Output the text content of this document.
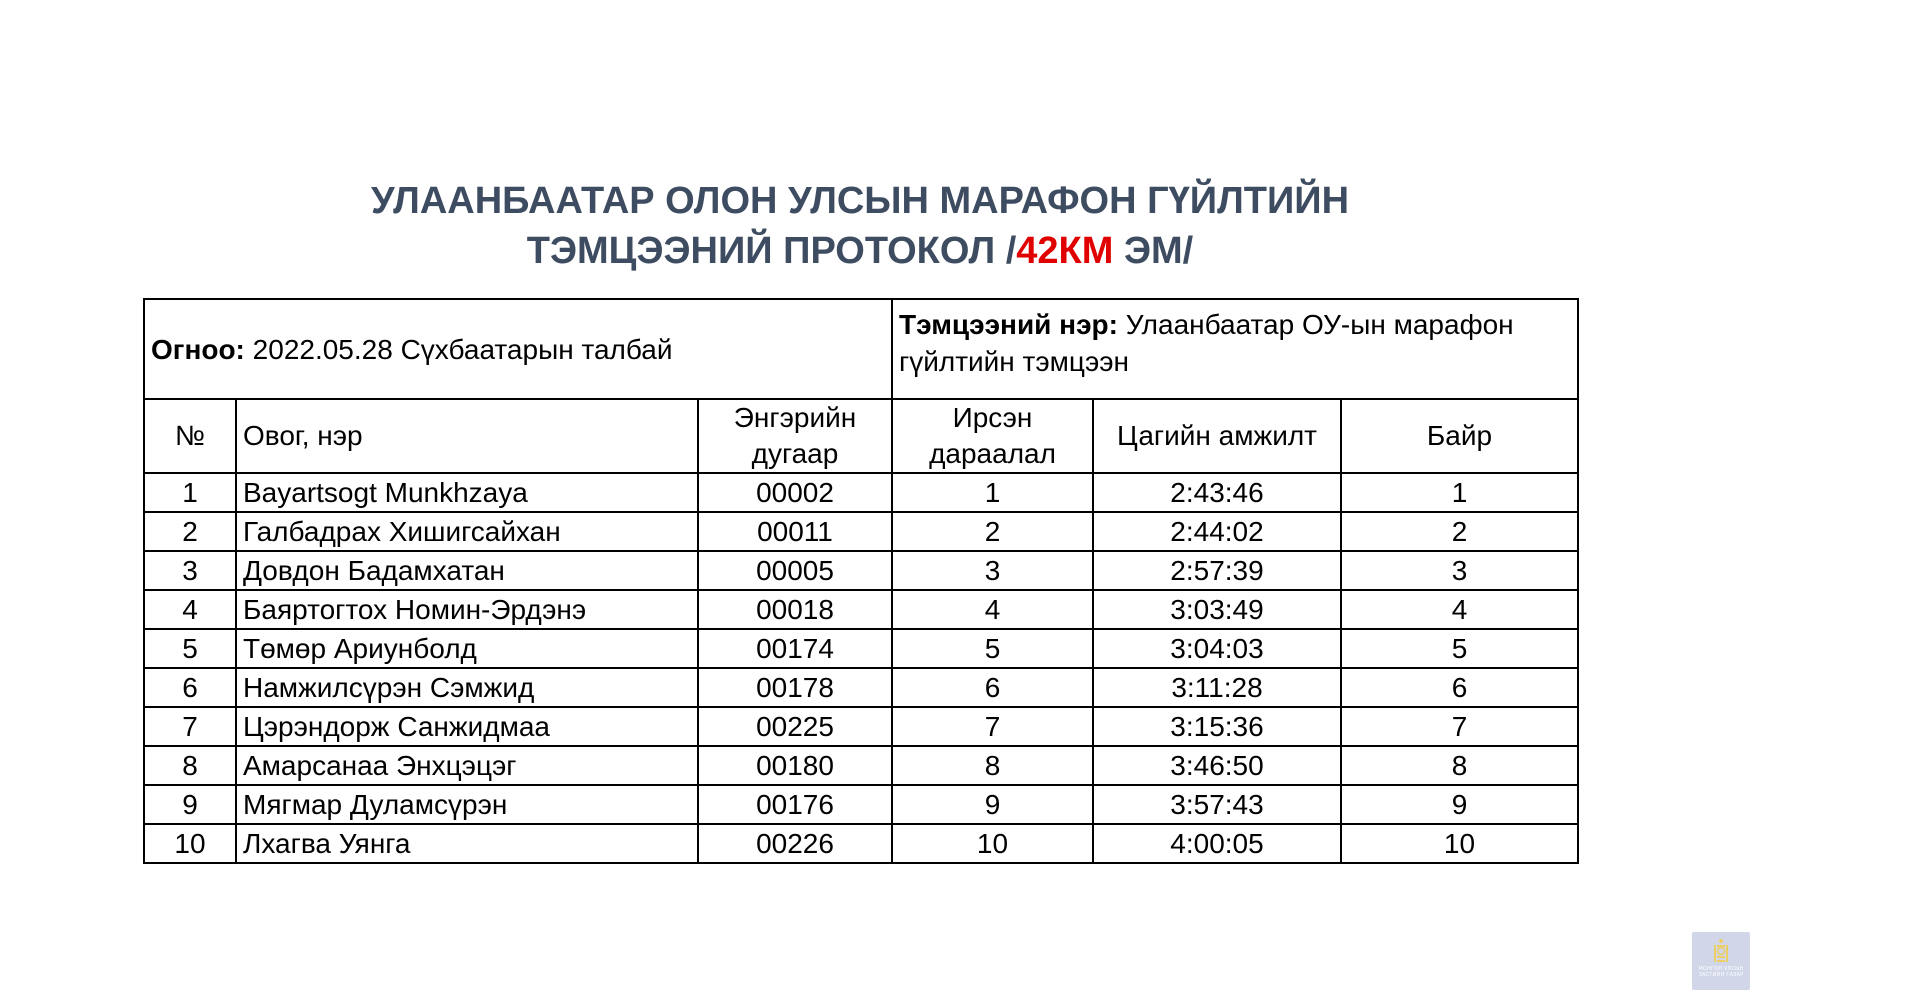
УЛААНБААТАР ОЛОН УЛСЫН МАРАФОН ГҮЙЛТИЙН
ТЭМЦЭЭНИЙ ПРОТОКОЛ /42КМ ЭМ/
Огноо: 2022.05.28 Сүхбаатарын талбай			Тэмцээний нэр: Улаанбаатар ОУ-ын марафон гүйлтийн тэмцээн		
№	Овог, нэр	Энгэрийн дугаар	Ирсэн дараалал	Цагийн амжилт	Байр
1	Bayartsogt Munkhzaya	00002	1	2:43:46	1
2	Галбадрах Хишигсайхан	00011	2	2:44:02	2
3	Довдон Бадамхатан	00005	3	2:57:39	3
4	Баяртогтох Номин-Эрдэнэ	00018	4	3:03:49	4
5	Төмөр Ариунболд	00174	5	3:04:03	5
6	Намжилсүрэн Сэмжид	00178	6	3:11:28	6
7	Цэрэндорж Санжидмаа	00225	7	3:15:36	7
8	Амарсанаа Энхцэцэг	00180	8	3:46:50	8
9	Мягмар Дуламсүрэн	00176	9	3:57:43	9
10	Лхагва Уянга	00226	10	4:00:05	10
МОНГОЛ УЛСЫН
ЗАСГИЙН ГАЗАР
